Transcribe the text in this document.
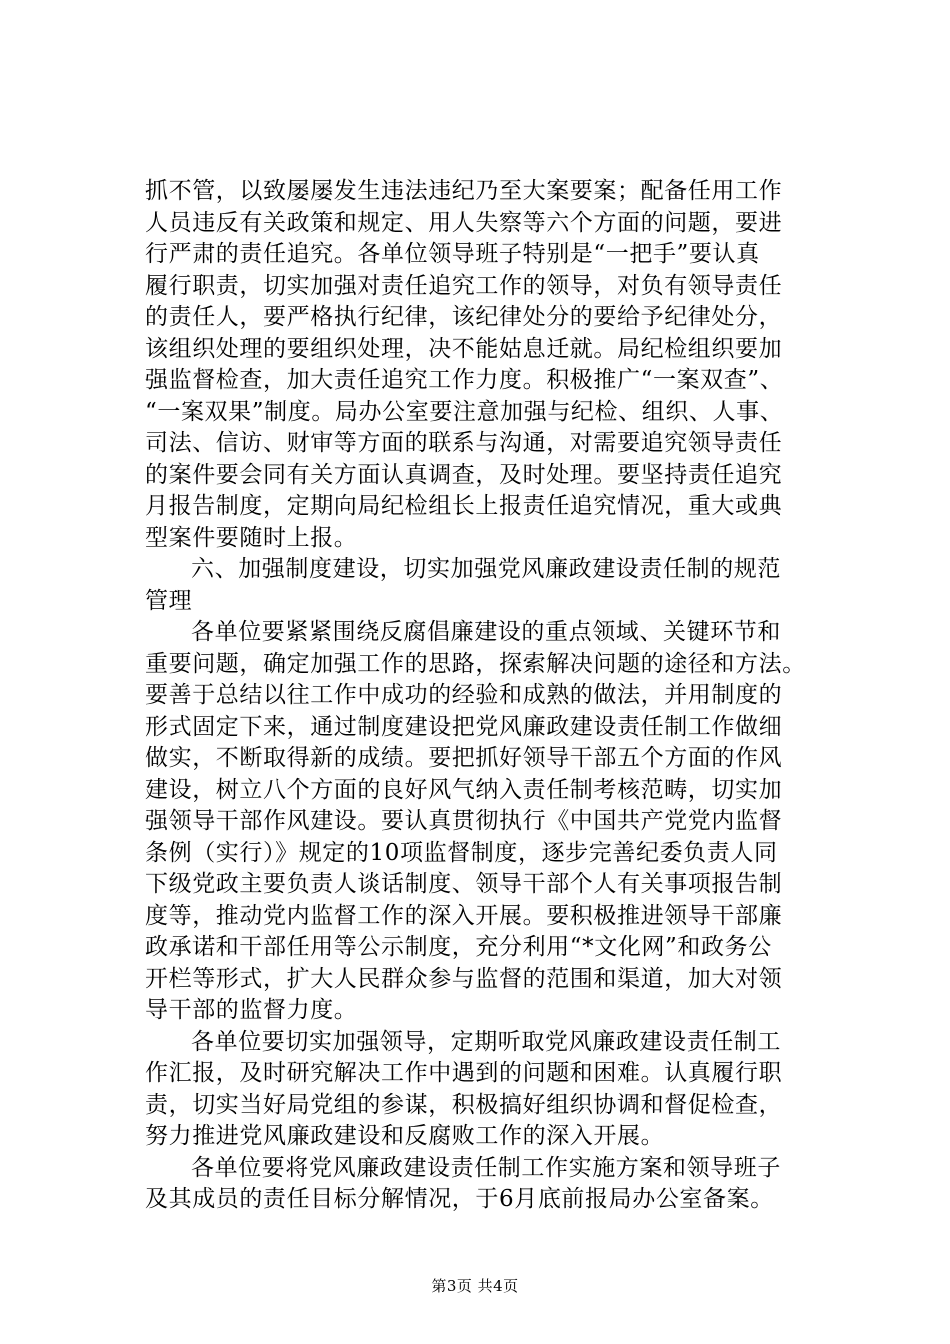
抓不管，以致屡屡发生违法违纪乃至大案要案；配备任用工作
人员违反有关政策和规定、用人失察等六个方面的问题，要进
行严肃的责任追究。各单位领导班子特别是“一把手”要认真
履行职责，切实加强对责任追究工作的领导，对负有领导责任
的责任人，要严格执行纪律，该纪律处分的要给予纪律处分，
该组织处理的要组织处理，决不能姑息迁就。局纪检组织要加
强监督检查，加大责任追究工作力度。积极推广“一案双查”、
“一案双果”制度。局办公室要注意加强与纪检、组织、人事、
司法、信访、财审等方面的联系与沟通，对需要追究领导责任
的案件要会同有关方面认真调查，及时处理。要坚持责任追究
月报告制度，定期向局纪检组长上报责任追究情况，重大或典
型案件要随时上报。
六、加强制度建设，切实加强党风廉政建设责任制的规范
管理
各单位要紧紧围绕反腐倡廉建设的重点领域、关键环节和
重要问题，确定加强工作的思路，探索解决问题的途径和方法。
要善于总结以往工作中成功的经验和成熟的做法，并用制度的
形式固定下来，通过制度建设把党风廉政建设责任制工作做细
做实，不断取得新的成绩。要把抓好领导干部五个方面的作风
建设，树立八个方面的良好风气纳入责任制考核范畴，切实加
强领导干部作风建设。要认真贯彻执行《中国共产党党内监督
条例（实行）》规定的10项监督制度，逐步完善纪委负责人同
下级党政主要负责人谈话制度、领导干部个人有关事项报告制
度等，推动党内监督工作的深入开展。要积极推进领导干部廉
政承诺和干部任用等公示制度，充分利用“*文化网”和政务公
开栏等形式，扩大人民群众参与监督的范围和渠道，加大对领
导干部的监督力度。
各单位要切实加强领导，定期听取党风廉政建设责任制工
作汇报，及时研究解决工作中遇到的问题和困难。认真履行职
责，切实当好局党组的参谋，积极搞好组织协调和督促检查，
努力推进党风廉政建设和反腐败工作的深入开展。
各单位要将党风廉政建设责任制工作实施方案和领导班子
及其成员的责任目标分解情况，于6月底前报局办公室备案。
第3页 共4页
